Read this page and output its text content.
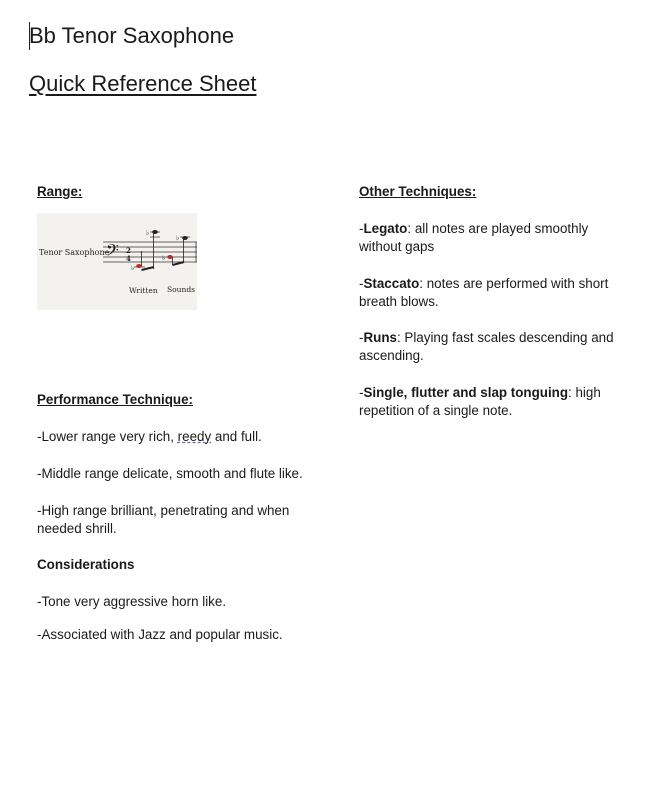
Bb Tenor Saxophone
Quick Reference Sheet

Range:

Tenor Saxophone
𝄢 2
4
♭
♭
♭
♭
Written Sounds

Performance Technique:

-Lower range very rich, reedy and full.

-Middle range delicate, smooth and flute like.

-High range brilliant, penetrating and when needed shrill.

Considerations

-Tone very aggressive horn like.

-Associated with Jazz and popular music.

Other Techniques:

-Legato: all notes are played smoothly without gaps

-Staccato: notes are performed with short breath blows.

-Runs: Playing fast scales descending and ascending.

-Single, flutter and slap tonguing: high repetition of a single note.
